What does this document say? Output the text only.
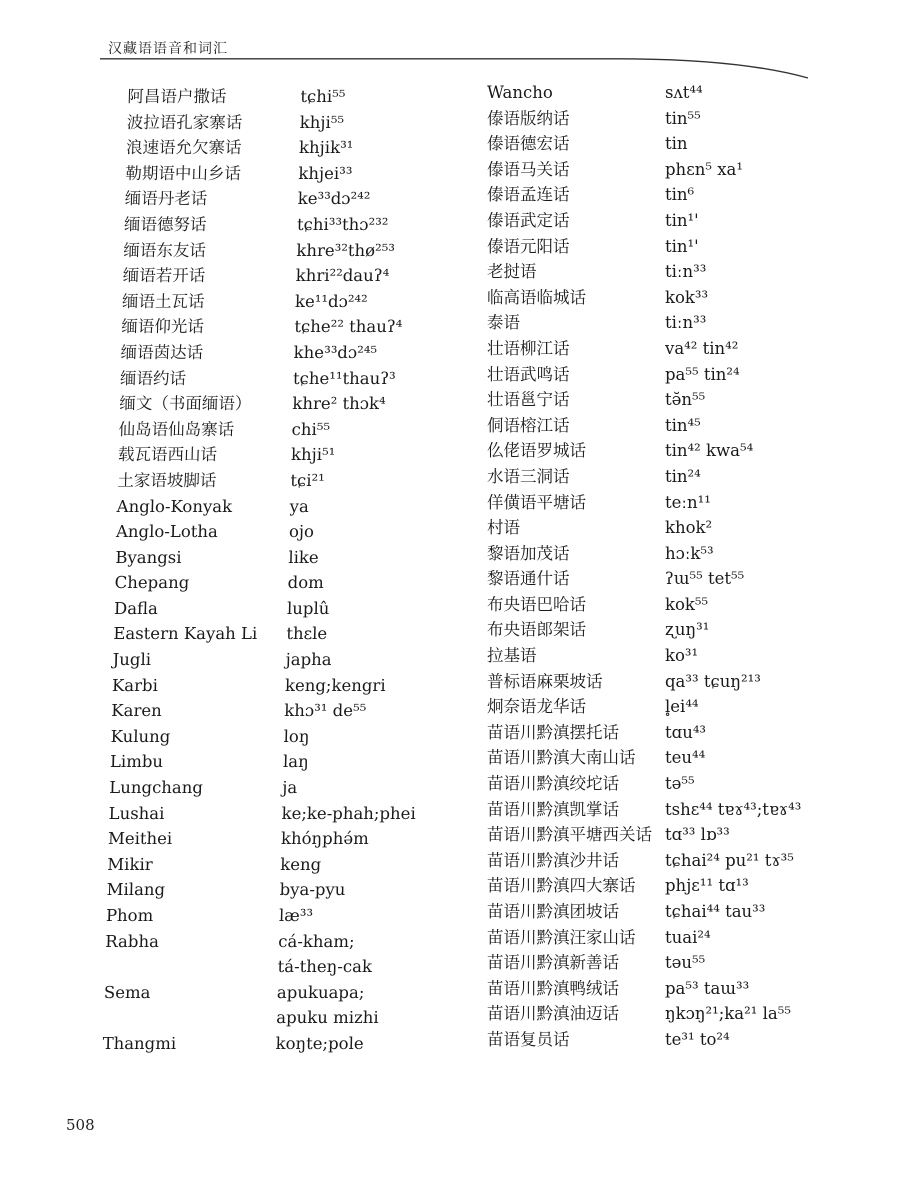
汉藏语语音和词汇
阿昌语户撒话
波拉语孔家寨话
浪速语允欠寨话
勒期语中山乡话
缅语丹老话
缅语德努话
缅语东友话
缅语若开话
缅语土瓦话
缅语仰光话
缅语茵达话
缅语约话
缅文（书面缅语）
仙岛语仙岛寨话
载瓦语西山话
土家语坡脚话
Anglo-Konyak
Anglo-Lotha
Byangsi
Chepang
Dafla
Eastern Kayah Li
Jugli
Karbi
Karen
Kulung
Limbu
Lungchang
Lushai
Meithei
Mikir
Milang
Phom
Rabha
Sema
Thangmi
tɕhi⁵⁵
khji⁵⁵
khjik³¹
khjei³³
ke³³dɔ²⁴²
tɕhi³³thɔ²³²
khre³²thø²⁵³
khri²²dauʔ⁴
ke¹¹dɔ²⁴²
tɕhe²² thauʔ⁴
khe³³dɔ²⁴⁵
tɕhe¹¹thauʔ³
khre² thɔk⁴
chi⁵⁵
khji⁵¹
tɕi²¹
ya
ojo
like
dom
luplû
thɛle
japha
keng;kengri
khɔ³¹ de⁵⁵
loŋ
laŋ
ja
ke;ke-phah;phei
khóŋphə́m
keng
bya-pyu
læ³³
cá-kham;
tá-theŋ-cak
apukuapa;
apuku mizhi
koŋte;pole
Wancho
傣语版纳话
傣语德宏话
傣语马关话
傣语孟连话
傣语武定话
傣语元阳话
老挝语
临高语临城话
泰语
壮语柳江话
壮语武鸣话
壮语邕宁话
侗语榕江话
仫佬语罗城话
水语三洞话
佯僙语平塘话
村语
黎语加茂话
黎语通什话
布央语巴哈话
布央语郎架话
拉基语
普标语麻栗坡话
炯奈语龙华话
苗语川黔滇摆托话
苗语川黔滇大南山话
苗语川黔滇绞坨话
苗语川黔滇凯掌话
苗语川黔滇平塘西关话
苗语川黔滇沙井话
苗语川黔滇四大寨话
苗语川黔滇团坡话
苗语川黔滇汪家山话
苗语川黔滇新善话
苗语川黔滇鸭绒话
苗语川黔滇油迈话
苗语复员话
sʌt⁴⁴
tin⁵⁵
tin
phɛn⁵ xa¹
tin⁶
tin¹'
tin¹'
tiːn³³
kok³³
tiːn³³
va⁴² tin⁴²
pa⁵⁵ tin²⁴
tə̆n⁵⁵
tin⁴⁵
tin⁴² kwa⁵⁴
tin²⁴
teːn¹¹
khok²
hɔːk⁵³
ʔɯ⁵⁵ tet⁵⁵
kok⁵⁵
ʐuŋ³¹
ko³¹
qa³³ tɕuŋ²¹³
l̥ei⁴⁴
tɑu⁴³
teu⁴⁴
tə⁵⁵
tshɛ⁴⁴ tɐɤ⁴³;tɐɤ⁴³
tɑ³³ lɒ³³
tɕhai²⁴ pu²¹ tɤ³⁵
phjɛ¹¹ tɑ¹³
tɕhai⁴⁴ tau³³
tuai²⁴
təu⁵⁵
pa⁵³ taɯ³³
ŋkɔŋ²¹;ka²¹ la⁵⁵
te³¹ to²⁴
508
